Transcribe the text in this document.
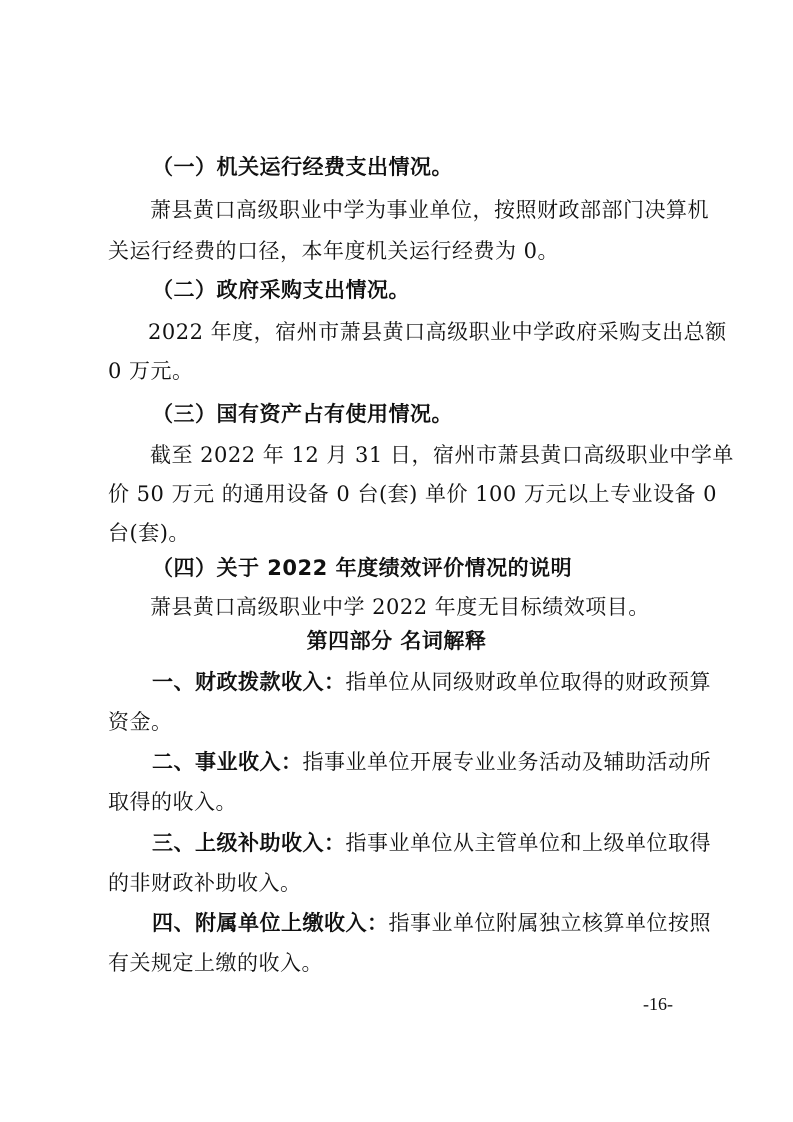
（一）机关运行经费支出情况。
萧县黄口高级职业中学为事业单位，按照财政部部门决算机
关运行经费的口径，本年度机关运行经费为 0。
（二）政府采购支出情况。
2022 年度，宿州市萧县黄口高级职业中学政府采购支出总额
0 万元。
（三）国有资产占有使用情况。
截至 2022 年 12 月 31 日，宿州市萧县黄口高级职业中学单
价 50 万元 的通用设备 0 台(套) 单价 100 万元以上专业设备 0
台(套)。
（四）关于 2022 年度绩效评价情况的说明
萧县黄口高级职业中学 2022 年度无目标绩效项目。
第四部分 名词解释
一、财政拨款收入：指单位从同级财政单位取得的财政预算
资金。
二、事业收入：指事业单位开展专业业务活动及辅助活动所
取得的收入。
三、上级补助收入：指事业单位从主管单位和上级单位取得
的非财政补助收入。
四、附属单位上缴收入：指事业单位附属独立核算单位按照
有关规定上缴的收入。
-16-
